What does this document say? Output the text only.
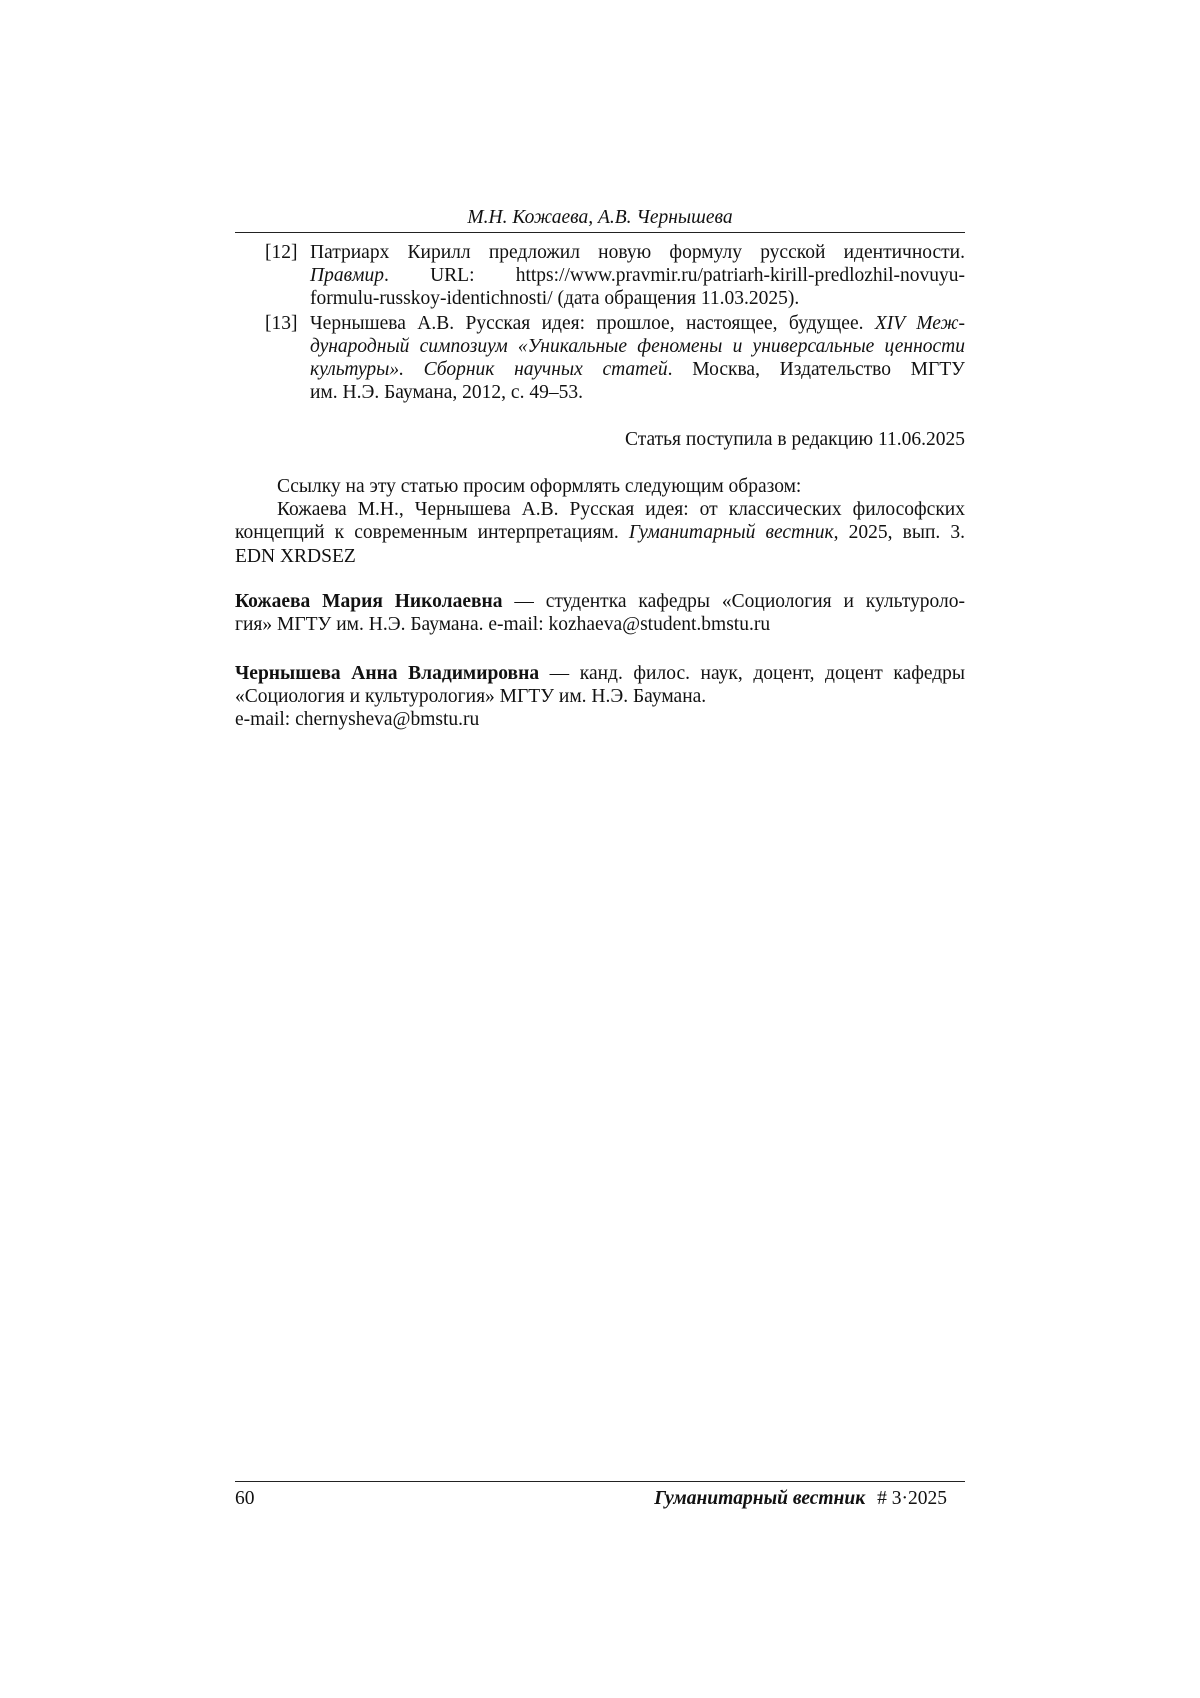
М.Н. Кожаева, А.В. Чернышева
[12] Патриарх Кирилл предложил новую формулу русской идентичности.
Правмир. URL: https://www.pravmir.ru/patriarh-kirill-predlozhil-novuyu-
formulu-russkoy-identichnosti/ (дата обращения 11.03.2025).
[13] Чернышева А.В. Русская идея: прошлое, настоящее, будущее. XIV Меж-
дународный симпозиум «Уникальные феномены и универсальные ценности
культуры». Сборник научных статей. Москва, Издательство МГТУ
им. Н.Э. Баумана, 2012, с. 49–53.
Статья поступила в редакцию 11.06.2025
Ссылку на эту статью просим оформлять следующим образом:
Кожаева М.Н., Чернышева А.В. Русская идея: от классических философских
концепций к современным интерпретациям. Гуманитарный вестник, 2025, вып. 3.
EDN XRDSEZ
Кожаева Мария Николаевна — студентка кафедры «Социология и культуроло-
гия» МГТУ им. Н.Э. Баумана. e-mail: kozhaeva@student.bmstu.ru
Чернышева Анна Владимировна — канд. филос. наук, доцент, доцент кафедры
«Социология и культурология» МГТУ им. Н.Э. Баумана.
e-mail: chernysheva@bmstu.ru
60	Гуманитарный вестник # 3·2025
